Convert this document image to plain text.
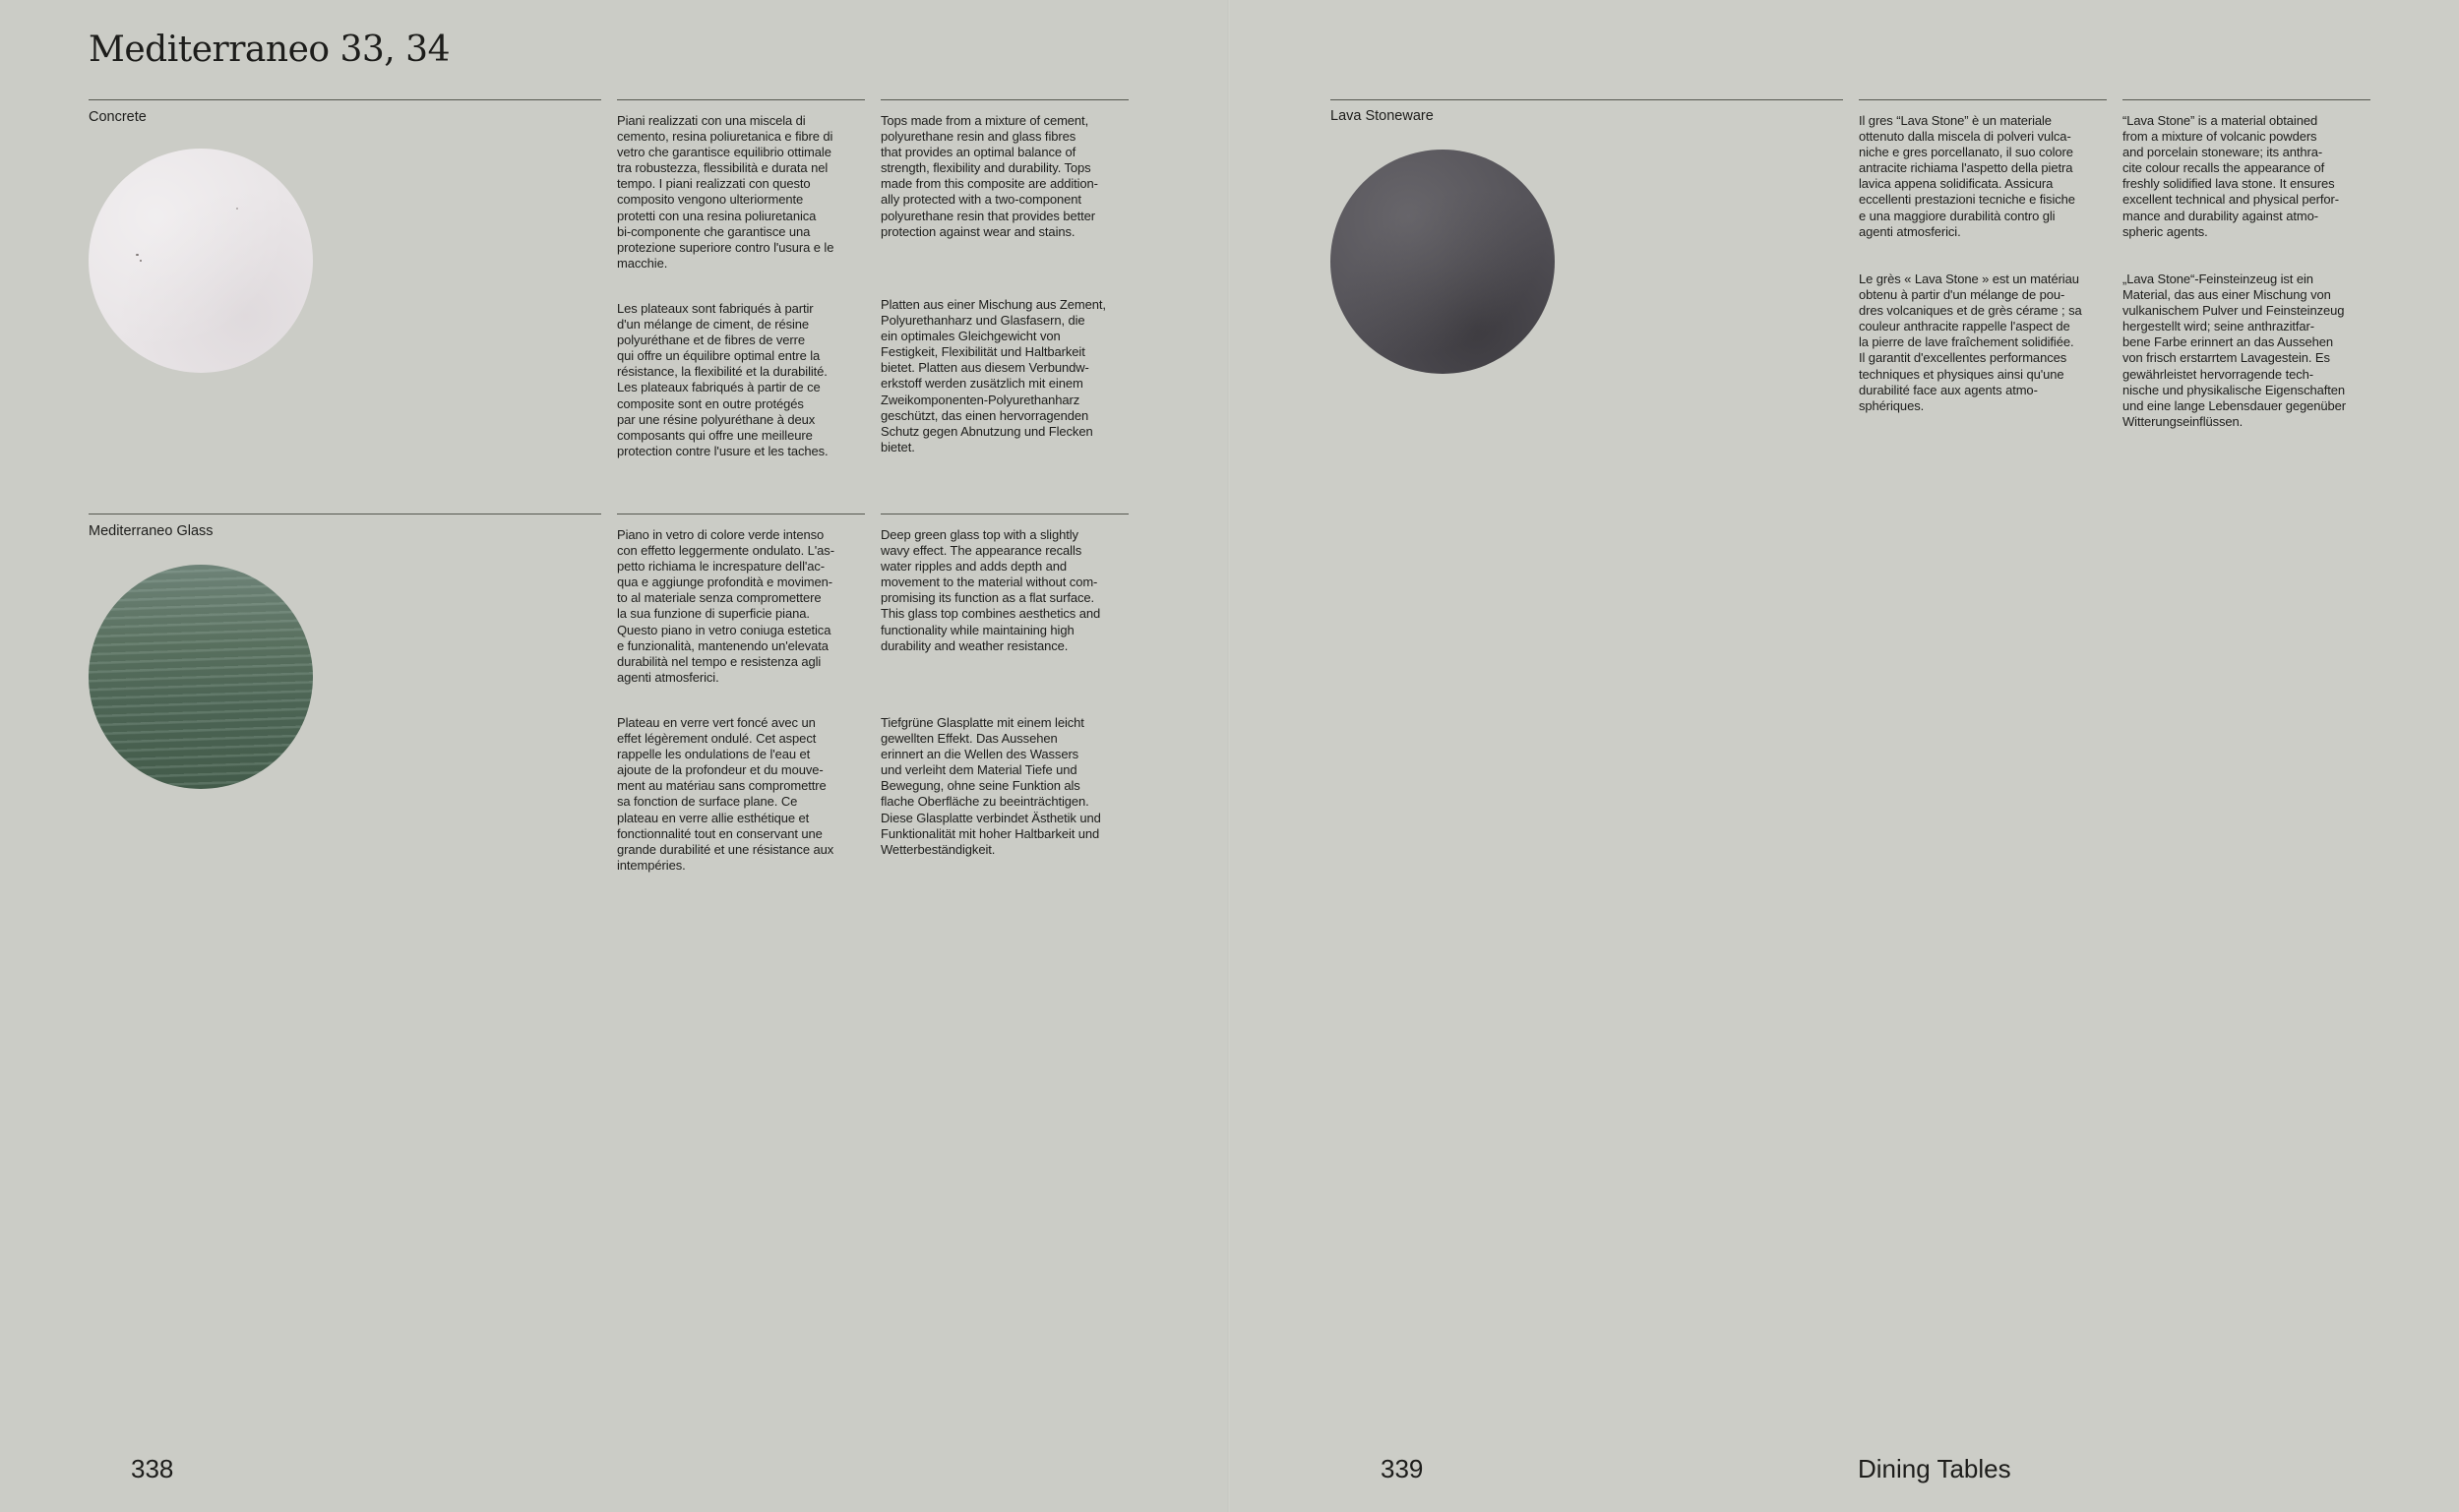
Mediterraneo 33, 34
Concrete	Piani realizzati con una miscela di
cemento, resina poliuretanica e fibre di
vetro che garantisce equilibrio ottimale
tra robustezza, flessibilità e durata nel
tempo. I piani realizzati con questo
composito vengono ulteriormente
protetti con una resina poliuretanica
bi-componente che garantisce una
protezione superiore contro l'usura e le
macchie.

Tops made from a mixture of cement,
polyurethane resin and glass fibres
that provides an optimal balance of
strength, flexibility and durability. Tops
made from this composite are addition-
ally protected with a two-component
polyurethane resin that provides better
protection against wear and stains.

Les plateaux sont fabriqués à partir
d'un mélange de ciment, de résine
polyuréthane et de fibres de verre
qui offre un équilibre optimal entre la
résistance, la flexibilité et la durabilité.
Les plateaux fabriqués à partir de ce
composite sont en outre protégés
par une résine polyuréthane à deux
composants qui offre une meilleure
protection contre l'usure et les taches.

Platten aus einer Mischung aus Zement,
Polyurethanharz und Glasfasern, die
ein optimales Gleichgewicht von
Festigkeit, Flexibilität und Haltbarkeit
bietet. Platten aus diesem Verbundw-
erkstoff werden zusätzlich mit einem
Zweikomponenten-Polyurethanharz
geschützt, das einen hervorragenden
Schutz gegen Abnutzung und Flecken
bietet.

Mediterraneo Glass	Piano in vetro di colore verde intenso
con effetto leggermente ondulato. L'as-
petto richiama le increspature dell'ac-
qua e aggiunge profondità e movimen-
to al materiale senza compromettere
la sua funzione di superficie piana.
Questo piano in vetro coniuga estetica
e funzionalità, mantenendo un'elevata
durabilità nel tempo e resistenza agli
agenti atmosferici.

Deep green glass top with a slightly
wavy effect. The appearance recalls
water ripples and adds depth and
movement to the material without com-
promising its function as a flat surface.
This glass top combines aesthetics and
functionality while maintaining high
durability and weather resistance.

Plateau en verre vert foncé avec un
effet légèrement ondulé. Cet aspect
rappelle les ondulations de l'eau et
ajoute de la profondeur et du mouve-
ment au matériau sans compromettre
sa fonction de surface plane. Ce
plateau en verre allie esthétique et
fonctionnalité tout en conservant une
grande durabilité et une résistance aux
intempéries.

Tiefgrüne Glasplatte mit einem leicht
gewellten Effekt. Das Aussehen
erinnert an die Wellen des Wassers
und verleiht dem Material Tiefe und
Bewegung, ohne seine Funktion als
flache Oberfläche zu beeinträchtigen.
Diese Glasplatte verbindet Ästhetik und
Funktionalität mit hoher Haltbarkeit und
Wetterbeständigkeit.

338
Lava Stoneware	Il gres “Lava Stone” è un materiale
ottenuto dalla miscela di polveri vulca-
niche e gres porcellanato, il suo colore
antracite richiama l'aspetto della pietra
lavica appena solidificata. Assicura
eccellenti prestazioni tecniche e fisiche
e una maggiore durabilità contro gli
agenti atmosferici.

“Lava Stone” is a material obtained
from a mixture of volcanic powders
and porcelain stoneware; its anthra-
cite colour recalls the appearance of
freshly solidified lava stone. It ensures
excellent technical and physical perfor-
mance and durability against atmo-
spheric agents.

Le grès « Lava Stone » est un matériau
obtenu à partir d'un mélange de pou-
dres volcaniques et de grès cérame ; sa
couleur anthracite rappelle l'aspect de
la pierre de lave fraîchement solidifiée.
Il garantit d'excellentes performances
techniques et physiques ainsi qu'une
durabilité face aux agents atmo-
sphériques.

„Lava Stone“-Feinsteinzeug ist ein
Material, das aus einer Mischung von
vulkanischem Pulver und Feinsteinzeug
hergestellt wird; seine anthrazitfar-
bene Farbe erinnert an das Aussehen
von frisch erstarrtem Lavagestein. Es
gewährleistet hervorragende tech-
nische und physikalische Eigenschaften
und eine lange Lebensdauer gegenüber
Witterungseinflüssen.

339	Dining Tables
